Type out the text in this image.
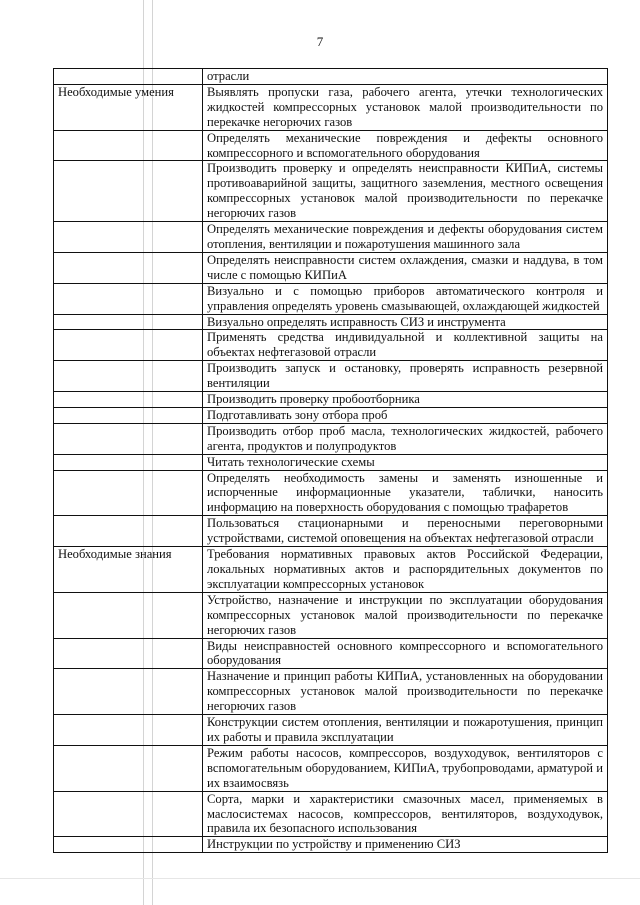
7
	отрасли
Необходимые умения	Выявлять пропуски газа, рабочего агента, утечки технологических жидкостей компрессорных установок малой производительности по перекачке негорючих газов
	Определять механические повреждения и дефекты основного компрессорного и вспомогательного оборудования
	Производить проверку и определять неисправности КИПиА, системы противоаварийной защиты, защитного заземления, местного освещения компрессорных установок малой производительности по перекачке негорючих газов
	Определять механические повреждения и дефекты оборудования систем отопления, вентиляции и пожаротушения машинного зала
	Определять неисправности систем охлаждения, смазки и наддува, в том числе с помощью КИПиА
	Визуально и с помощью приборов автоматического контроля и управления определять уровень смазывающей, охлаждающей жидкостей
	Визуально определять исправность СИЗ и инструмента
	Применять средства индивидуальной и коллективной защиты на объектах нефтегазовой отрасли
	Производить запуск и остановку, проверять исправность резервной вентиляции
	Производить проверку пробоотборника
	Подготавливать зону отбора проб
	Производить отбор проб масла, технологических жидкостей, рабочего агента, продуктов и полупродуктов
	Читать технологические схемы
	Определять необходимость замены и заменять изношенные и испорченные информационные указатели, таблички, наносить информацию на поверхность оборудования с помощью трафаретов
	Пользоваться стационарными и переносными переговорными устройствами, системой оповещения на объектах нефтегазовой отрасли
Необходимые знания	Требования нормативных правовых актов Российской Федерации, локальных нормативных актов и распорядительных документов по эксплуатации компрессорных установок
	Устройство, назначение и инструкции по эксплуатации оборудования компрессорных установок малой производительности по перекачке негорючих газов
	Виды неисправностей основного компрессорного и вспомогательного оборудования
	Назначение и принцип работы КИПиА, установленных на оборудовании компрессорных установок малой производительности по перекачке негорючих газов
	Конструкции систем отопления, вентиляции и пожаротушения, принцип их работы и правила эксплуатации
	Режим работы насосов, компрессоров, воздуходувок, вентиляторов с вспомогательным оборудованием, КИПиА, трубопроводами, арматурой и их взаимосвязь
	Сорта, марки и характеристики смазочных масел, применяемых в маслосистемах насосов, компрессоров, вентиляторов, воздуходувок, правила их безопасного использования
	Инструкции по устройству и применению СИЗ
